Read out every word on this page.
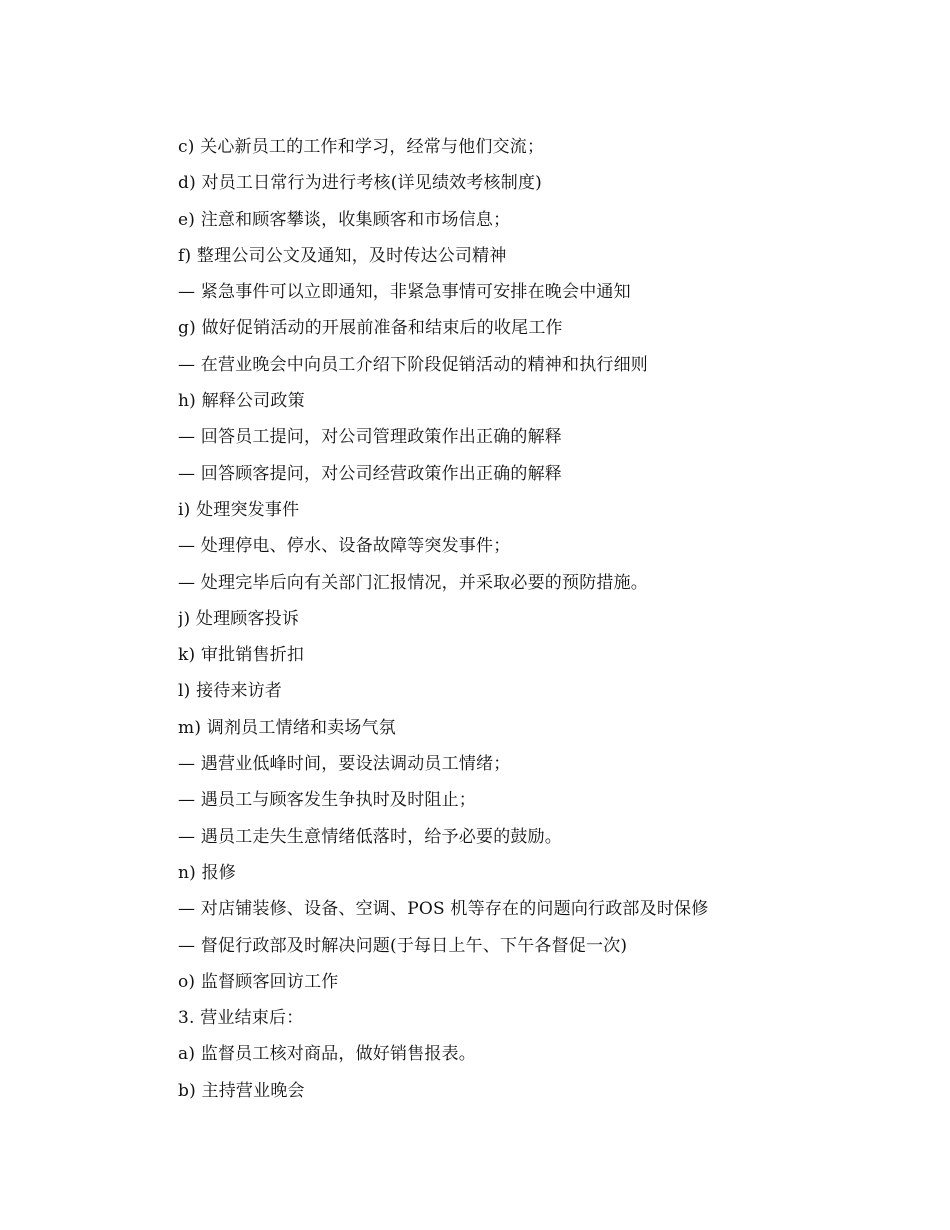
c) 关心新员工的工作和学习，经常与他们交流；
d) 对员工日常行为进行考核(详见绩效考核制度)
e) 注意和顾客攀谈，收集顾客和市场信息；
f) 整理公司公文及通知，及时传达公司精神
— 紧急事件可以立即通知，非紧急事情可安排在晚会中通知
g) 做好促销活动的开展前准备和结束后的收尾工作
— 在营业晚会中向员工介绍下阶段促销活动的精神和执行细则
h) 解释公司政策
— 回答员工提问，对公司管理政策作出正确的解释
— 回答顾客提问，对公司经营政策作出正确的解释
i) 处理突发事件
— 处理停电、停水、设备故障等突发事件；
— 处理完毕后向有关部门汇报情况，并采取必要的预防措施。
j) 处理顾客投诉
k) 审批销售折扣
l) 接待来访者
m) 调剂员工情绪和卖场气氛
— 遇营业低峰时间，要设法调动员工情绪；
— 遇员工与顾客发生争执时及时阻止；
— 遇员工走失生意情绪低落时，给予必要的鼓励。
n) 报修
— 对店铺装修、设备、空调、POS 机等存在的问题向行政部及时保修
— 督促行政部及时解决问题(于每日上午、下午各督促一次)
o) 监督顾客回访工作
3. 营业结束后：
a) 监督员工核对商品，做好销售报表。
b) 主持营业晚会
